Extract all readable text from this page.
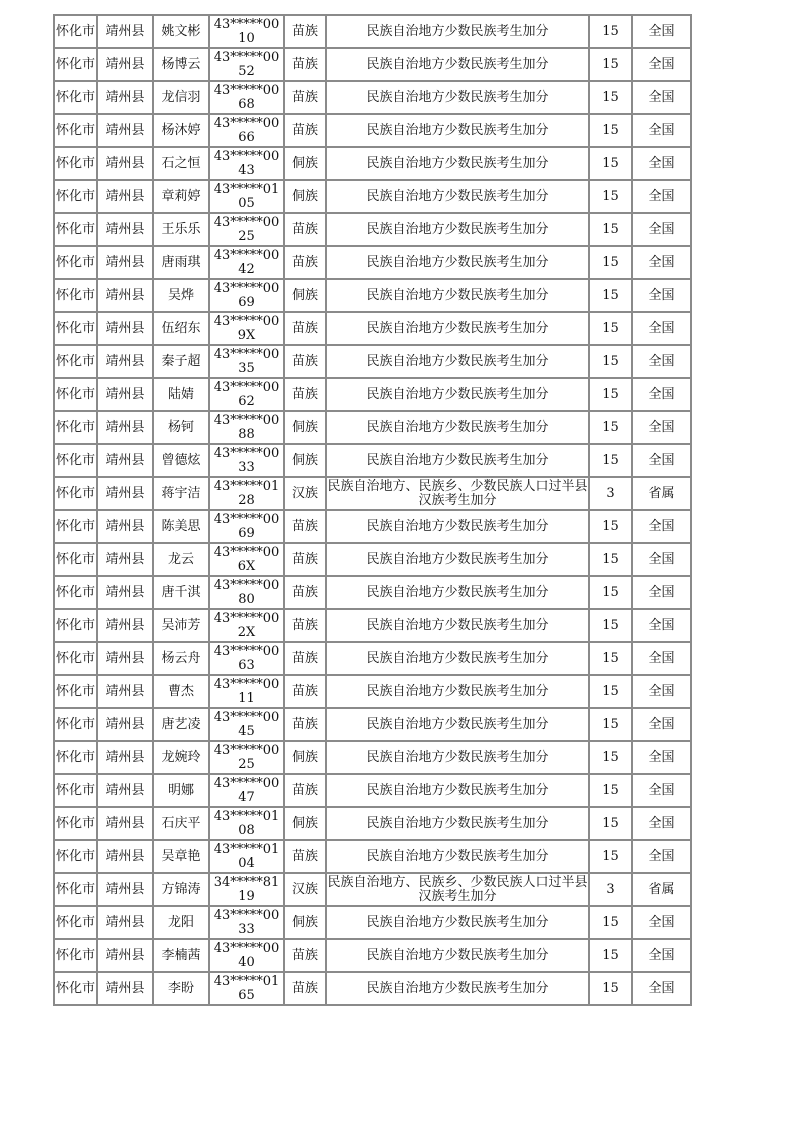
怀化市	靖州县	姚文彬	43*****0010	苗族	民族自治地方少数民族考生加分	15	全国
怀化市	靖州县	杨博云	43*****0052	苗族	民族自治地方少数民族考生加分	15	全国
怀化市	靖州县	龙信羽	43*****0068	苗族	民族自治地方少数民族考生加分	15	全国
怀化市	靖州县	杨沐婷	43*****0066	苗族	民族自治地方少数民族考生加分	15	全国
怀化市	靖州县	石之恒	43*****0043	侗族	民族自治地方少数民族考生加分	15	全国
怀化市	靖州县	章莉婷	43*****0105	侗族	民族自治地方少数民族考生加分	15	全国
怀化市	靖州县	王乐乐	43*****0025	苗族	民族自治地方少数民族考生加分	15	全国
怀化市	靖州县	唐雨琪	43*****0042	苗族	民族自治地方少数民族考生加分	15	全国
怀化市	靖州县	吴烨	43*****0069	侗族	民族自治地方少数民族考生加分	15	全国
怀化市	靖州县	伍绍东	43*****009X	苗族	民族自治地方少数民族考生加分	15	全国
怀化市	靖州县	秦子超	43*****0035	苗族	民族自治地方少数民族考生加分	15	全国
怀化市	靖州县	陆婧	43*****0062	苗族	民族自治地方少数民族考生加分	15	全国
怀化市	靖州县	杨钶	43*****0088	侗族	民族自治地方少数民族考生加分	15	全国
怀化市	靖州县	曾德炫	43*****0033	侗族	民族自治地方少数民族考生加分	15	全国
怀化市	靖州县	蒋宇洁	43*****0128	汉族	民族自治地方、民族乡、少数民族人口过半县汉族考生加分	3	省属
怀化市	靖州县	陈美思	43*****0069	苗族	民族自治地方少数民族考生加分	15	全国
怀化市	靖州县	龙云	43*****006X	苗族	民族自治地方少数民族考生加分	15	全国
怀化市	靖州县	唐千淇	43*****0080	苗族	民族自治地方少数民族考生加分	15	全国
怀化市	靖州县	吴沛芳	43*****002X	苗族	民族自治地方少数民族考生加分	15	全国
怀化市	靖州县	杨云舟	43*****0063	苗族	民族自治地方少数民族考生加分	15	全国
怀化市	靖州县	曹杰	43*****0011	苗族	民族自治地方少数民族考生加分	15	全国
怀化市	靖州县	唐艺凌	43*****0045	苗族	民族自治地方少数民族考生加分	15	全国
怀化市	靖州县	龙婉玲	43*****0025	侗族	民族自治地方少数民族考生加分	15	全国
怀化市	靖州县	明娜	43*****0047	苗族	民族自治地方少数民族考生加分	15	全国
怀化市	靖州县	石庆平	43*****0108	侗族	民族自治地方少数民族考生加分	15	全国
怀化市	靖州县	吴章艳	43*****0104	苗族	民族自治地方少数民族考生加分	15	全国
怀化市	靖州县	方锦涛	34*****8119	汉族	民族自治地方、民族乡、少数民族人口过半县汉族考生加分	3	省属
怀化市	靖州县	龙阳	43*****0033	侗族	民族自治地方少数民族考生加分	15	全国
怀化市	靖州县	李楠茜	43*****0040	苗族	民族自治地方少数民族考生加分	15	全国
怀化市	靖州县	李盼	43*****0165	苗族	民族自治地方少数民族考生加分	15	全国
